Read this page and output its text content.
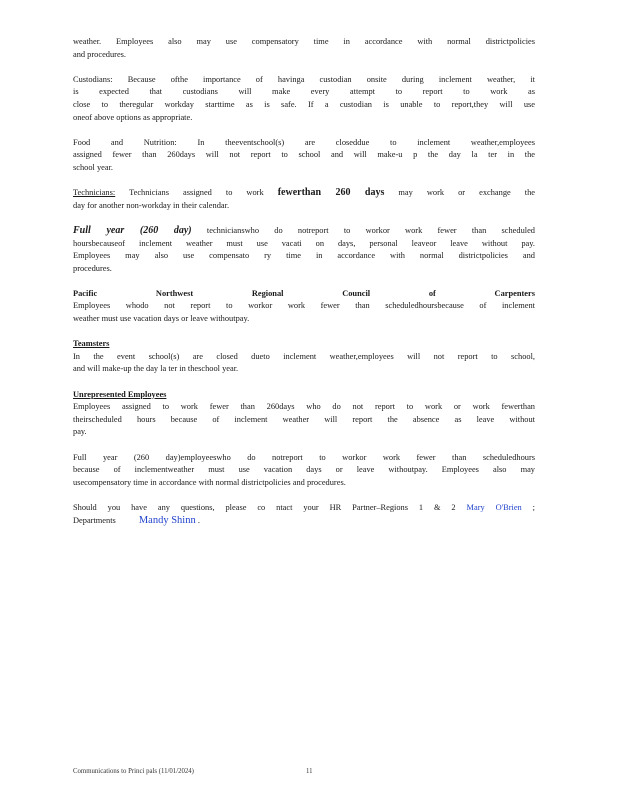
weather. Employees also may use compensatory time in accordance with normal districtpolicies
and procedures.
Custodians: Because ofthe importance of havinga custodian onsite during inclement weather, it
is expected that custodians will make every attempt to report to work as
close to theregular workday starttime as is safe. If a custodian is unable to report,they will use
oneof above options as appropriate.
Food and Nutrition: In theeventschool(s) are closeddue to inclement weather,employees
assigned fewer than 260days will not report to school and will make-u p the day la ter in the
school year.
Technicians: Technicians assigned to work fewerthan 260 days may work or exchange the
day for another non-workday in their calendar.
Full year (260 day) technicianswho do notreport to workor work fewer than scheduled
hoursbecauseof inclement weather must use vacati on days, personal leaveor leave without pay.
Employees may also use compensato ry time in accordance with normal districtpolicies and
procedures.
Pacific Northwest Regional Council of Carpenters
Employees whodo not report to workor work fewer than scheduledhoursbecause of inclement
weather must use vacation days or leave withoutpay.
Teamsters
In the event school(s) are closed dueto inclement weather,employees will not report to school,
and will make-up the day la ter in theschool year.
Unrepresented Employees
Employees assigned to work fewer than 260days who do not report to work or work fewerthan
theirscheduled hours because of inclement weather will report the absence as leave without
pay.
Full year (260 day)employeeswho do notreport to workor work fewer than scheduledhours
because of inclementweather must use vacation days or leave withoutpay. Employees also may
usecompensatory time in accordance with normal districtpolicies and procedures.
Should you have any questions, please co ntact your HR Partner–Regions 1 & 2 Mary O'Brien ;
Departments Mandy Shinn .
Communications to Princi pals (11/01/2024)	11
